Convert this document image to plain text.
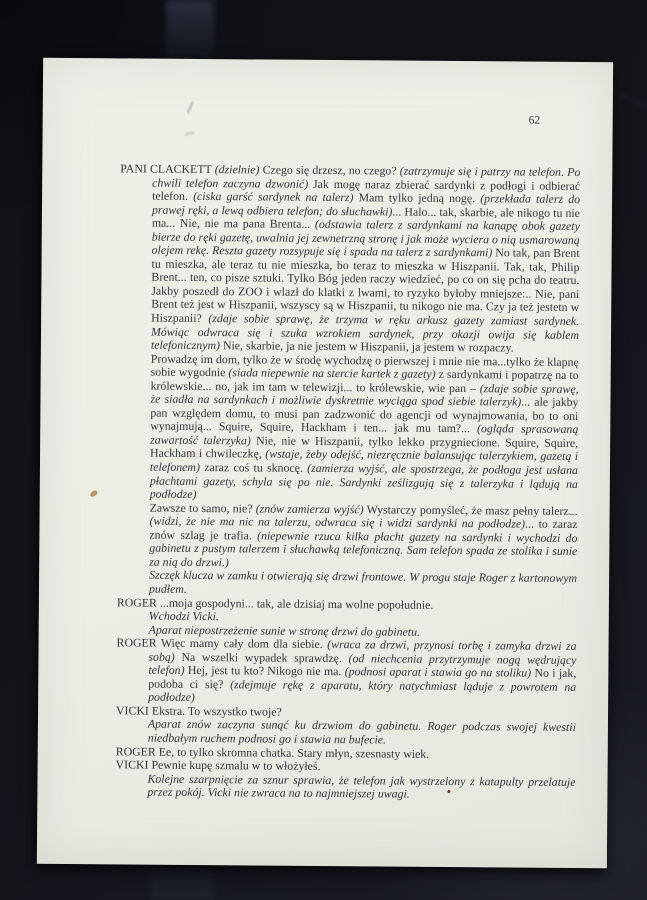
62

PANI CLACKETT (dzielnie) Czego się drzesz, no czego? (zatrzymuje się i patrzy na telefon. Po chwili telefon zaczyna dzwonić) Jak mogę naraz zbierać sardynki z podłogi i odbierać telefon. (ciska garść sardynek na talerz) Mam tylko jedną nogę. (przekłada talerz do prawej ręki, a lewą odbiera telefon; do słuchawki)... Halo... tak, skarbie, ale nikogo tu nie ma... Nie, nie ma pana Brenta... (odstawia talerz z sardynkami na kanapę obok gazety bierze do ręki gazetę, uwalnia jej zewnetrzną stronę i jak może wyciera o nią usmarowaną olejem rekę. Reszta gazety rozsypuje się i spada na talerz z sardynkami) No tak, pan Brent tu mieszka, ale teraz tu nie mieszka, bo teraz to mieszka w Hiszpanii. Tak, tak, Philip Brent... ten, co pisze sztuki. Tylko Bóg jeden raczy wiedzieć, po co on się pcha do teatru. Jakby poszedł do ZOO i wlazł do klatki z lwami, to ryzyko byłoby mniejsze:.. Nie, pani Brent też jest w Hiszpanii, wszyscy są w Hiszpanii, tu nikogo nie ma. Czy ja też jestetn w Hiszpanii? (zdaje sobie sprawę, że trzyma w ręku arkusz gazety zamiast sardynek. Mówiąc odwraca się i szuka wzrokiem sardynek, przy okazji owija się kablem telefonicznym) Nie, skarbie, ja nie jestem w Hiszpanii, ja jestem w rozpaczy.

Prowadzę im dom, tylko że w środę wychodzę o pierwszej i mnie nie ma...tylko że klapnę sobie wygodnie (siada niepewnie na stercie kartek z gazety) z sardynkami i popatrzę na to królewskie... no, jak im tam w telewizji... to królewskie, wie pan – (zdaje sobie sprawę, że siadła na sardynkach i możliwie dyskretnie wyciąga spod siebie talerzyk)... ale jakby pan względem domu, to musi pan zadzwonić do agencji od wynajmowania, bo to oni wynajmują... Squire, Squire, Hackham i ten... jak mu tam?... (ogląda sprasowaną zawartość talerzyka) Nie, nie w Hiszpanii, tylko lekko przygniecione. Squire, Squire, Hackham i chwileczkę, (wstaje, żeby odejść, niezręcznie balansując talerzykiem, gazetą i telefonem) zaraz coś tu sknocę. (zamierza wyjść, ale spostrzega, że podłoga jest usłana płachtami gazety, schyla się po nie. Sardynki ześlizgują się z talerzyka i lądują na podłodze)

Zawsze to samo, nie? (znów zamierza wyjść) Wystarczy pomyśleć, że masz pełny talerz... (widzi, że nie ma nic na talerzu, odwraca się i widzi sardynki na podłodze)... to zaraz znów szlag je trafia. (niepewnie rzuca kilka płacht gazety na sardynki i wychodzi do gabinetu z pustym talerzem i słuchawką telefoniczną. Sam telefon spada ze stolika i sunie za nią do drzwi.)

Szczęk klucza w zamku i otwierają się drzwi frontowe. W progu staje Roger z kartonowym pudłem.

ROGER ...moja gospodyni... tak, ale dzisiaj ma wolne popołudnie.

Wchodzi Vicki.

Aparat niepostrzeżenie sunie w stronę drzwi do gabinetu.

ROGER Więc mamy cały dom dla siebie. (wraca za drzwi, przynosi torbę i zamyka drzwi za sobą) Na wszelki wypadek sprawdzę. (od niechcenia przytrzymuje nogą wędrujący telefon) Hej, jest tu kto? Nikogo nie ma. (podnosi aparat i stawia go na stoliku) No i jak, podoba ci się? (zdejmuje rękę z aparatu, który natychmiast ląduje z powrotem na podłodze)

VICKI Ekstra. To wszystko twoje?

Aparat znów zaczyna sunąć ku drzwiom do gabinetu. Roger podczas swojej kwestii niedbałym ruchem podnosi go i stawia na bufecie.

ROGER Ee, to tylko skromna chatka. Stary młyn, szesnasty wiek.

VICKI Pewnie kupę szmalu w to włożyłeś.

Kolejne szarpnięcie za sznur sprawia, że telefon jak wystrzelony z katapulty przelatuje przez pokój. Vicki nie zwraca na to najmniejszej uwagi.
